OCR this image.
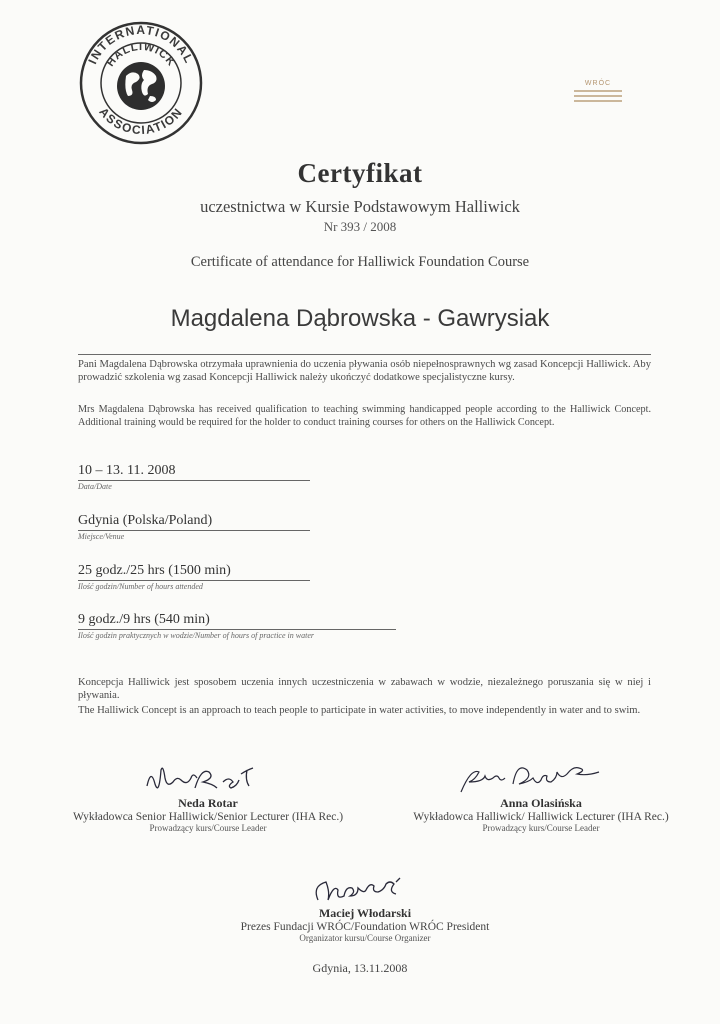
INTERNATIONAL
HALLIWICK
ASSOCIATION
WRÓC
Certyfikat
uczestnictwa w Kursie Podstawowym Halliwick
Nr 393 / 2008
Certificate of attendance for Halliwick Foundation Course
Magdalena Dąbrowska - Gawrysiak
Pani Magdalena Dąbrowska otrzymała uprawnienia do uczenia pływania osób niepełnosprawnych wg zasad Koncepcji Halliwick. Aby prowadzić szkolenia wg zasad Koncepcji Halliwick należy ukończyć dodatkowe specjalistyczne kursy.
Mrs Magdalena Dąbrowska has received qualification to teaching swimming handicapped people according to the Halliwick Concept. Additional training would be required for the holder to conduct training courses for others on the Halliwick Concept.
10 – 13. 11. 2008
Data/Date
Gdynia (Polska/Poland)
Miejsce/Venue
25 godz./25 hrs (1500 min)
Ilość godzin/Number of hours attended
9 godz./9 hrs (540 min)
Ilość godzin praktycznych w wodzie/Number of hours of practice in water
Koncepcja Halliwick jest sposobem uczenia innych uczestniczenia w zabawach w wodzie, niezależnego poruszania się w niej i pływania.
The Halliwick Concept is an approach to teach people to participate in water activities, to move independently in water and to swim.
Neda Rotar
Wykładowca Senior Halliwick/Senior Lecturer (IHA Rec.)
Prowadzący kurs/Course Leader
Anna Olasińska
Wykładowca Halliwick/ Halliwick Lecturer (IHA Rec.)
Prowadzący kurs/Course Leader
Maciej Włodarski
Prezes Fundacji WRÓC/Foundation WRÓC President
Organizator kursu/Course Organizer
Gdynia, 13.11.2008
